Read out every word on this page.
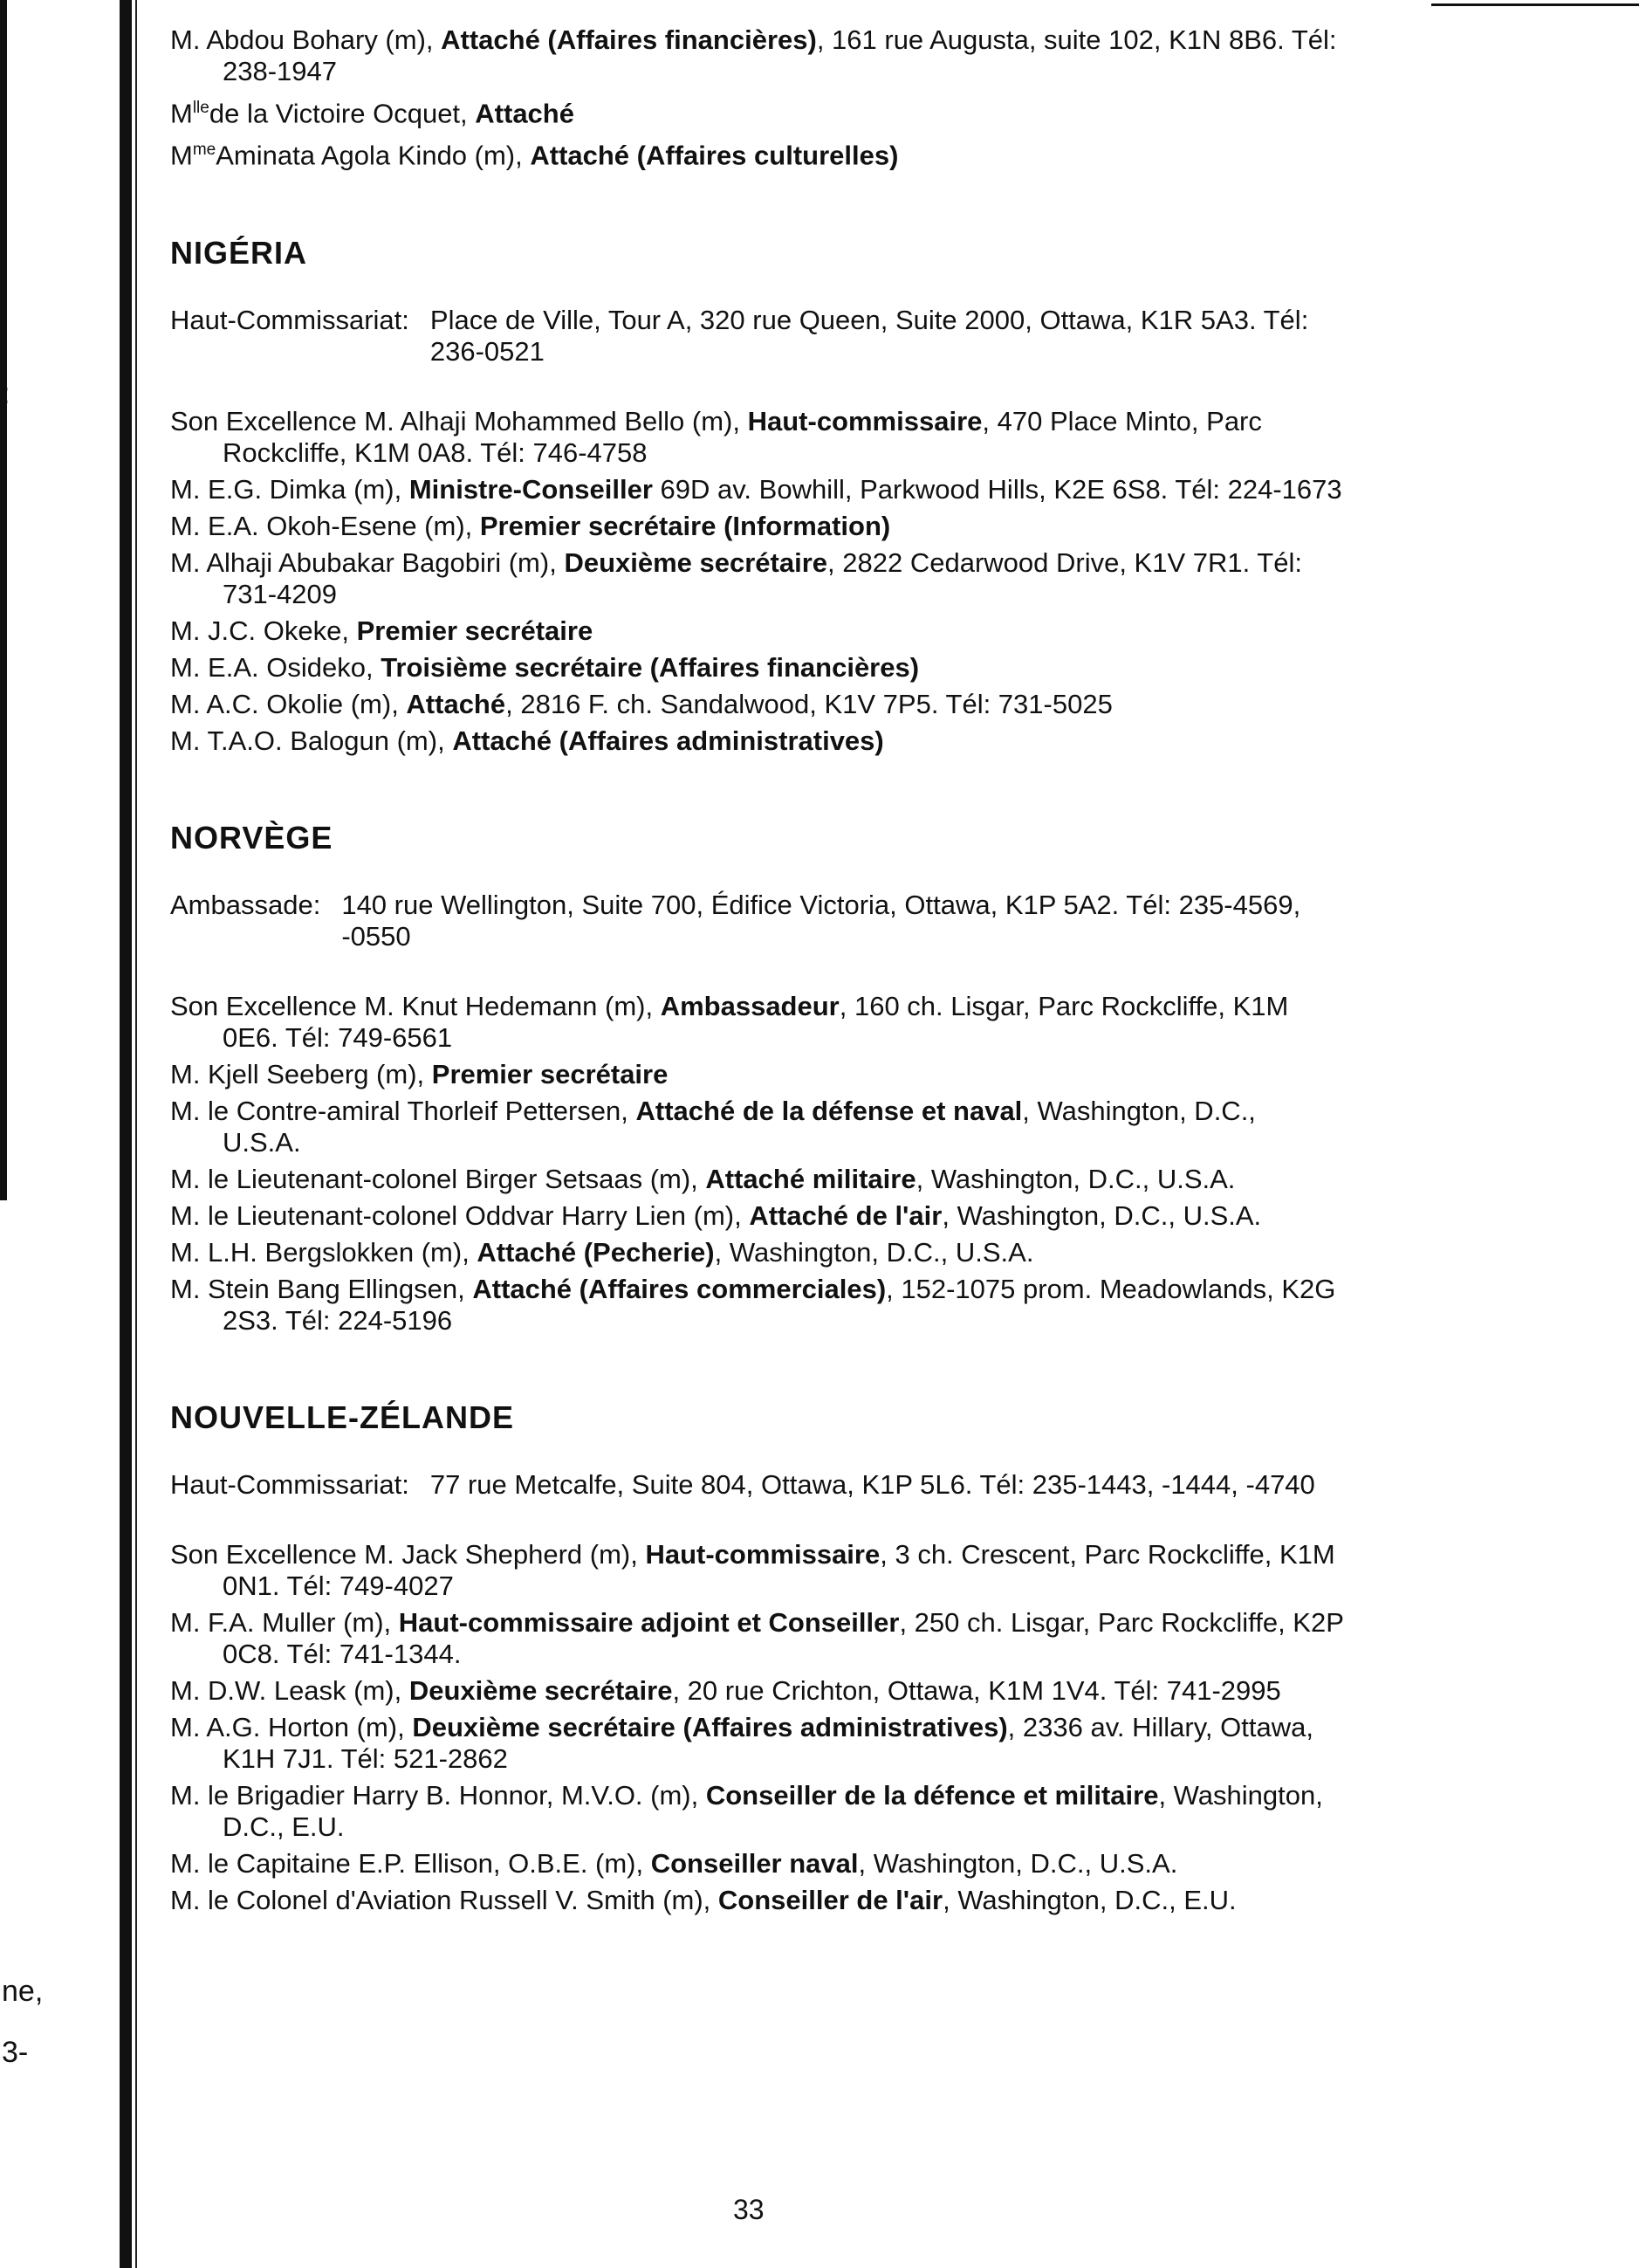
:
ne,
3-
M. Abdou Bohary (m), Attaché (Affaires financières), 161 rue Augusta, suite 102, K1N 8B6. Tél:
238-1947
$M^{lle}de$ la Victoire Ocquet, Attaché
$M^{me}Aminata$ Agola Kindo (m), Attaché (Affaires culturelles)
NIGÉRIA
Haut-Commissariat: Place de Ville, Tour A, 320 rue Queen, Suite 2000, Ottawa, K1R 5A3. Tél:
236-0521
Son Excellence M. Alhaji Mohammed Bello (m), Haut-commissaire, 470 Place Minto, Parc
Rockcliffe, K1M 0A8. Tél: 746-4758
M. E.G. Dimka (m), Ministre-Conseiller 69D av. Bowhill, Parkwood Hills, K2E 6S8. Tél: 224-1673
M. E.A. Okoh-Esene (m), Premier secrétaire (Information)
M. Alhaji Abubakar Bagobiri (m), Deuxième secrétaire, 2822 Cedarwood Drive, K1V 7R1. Tél:
731-4209
M. J.C. Okeke, Premier secrétaire
M. E.A. Osideko, Troisième secrétaire (Affaires financières)
M. A.C. Okolie (m), Attaché, 2816 F. ch. Sandalwood, K1V 7P5. Tél: 731-5025
M. T.A.O. Balogun (m), Attaché (Affaires administratives)
NORVÈGE
Ambassade: 140 rue Wellington, Suite 700, Édifice Victoria, Ottawa, K1P 5A2. Tél: 235-4569,
-0550
Son Excellence M. Knut Hedemann (m), Ambassadeur, 160 ch. Lisgar, Parc Rockcliffe, K1M
0E6. Tél: 749-6561
M. Kjell Seeberg (m), Premier secrétaire
M. le Contre-amiral Thorleif Pettersen, Attaché de la défense et naval, Washington, D.C.,
U.S.A.
M. le Lieutenant-colonel Birger Setsaas (m), Attaché militaire, Washington, D.C., U.S.A.
M. le Lieutenant-colonel Oddvar Harry Lien (m), Attaché de l'air, Washington, D.C., U.S.A.
M. L.H. Bergslokken (m), Attaché (Pecherie), Washington, D.C., U.S.A.
M. Stein Bang Ellingsen, Attaché (Affaires commerciales), 152-1075 prom. Meadowlands, K2G
2S3. Tél: 224-5196
NOUVELLE-ZÉLANDE
Haut-Commissariat: 77 rue Metcalfe, Suite 804, Ottawa, K1P 5L6. Tél: 235-1443, -1444, -4740
Son Excellence M. Jack Shepherd (m), Haut-commissaire, 3 ch. Crescent, Parc Rockcliffe, K1M
0N1. Tél: 749-4027
M. F.A. Muller (m), Haut-commissaire adjoint et Conseiller, 250 ch. Lisgar, Parc Rockcliffe, K2P
0C8. Tél: 741-1344.
M. D.W. Leask (m), Deuxième secrétaire, 20 rue Crichton, Ottawa, K1M 1V4. Tél: 741-2995
M. A.G. Horton (m), Deuxième secrétaire (Affaires administratives), 2336 av. Hillary, Ottawa,
K1H 7J1. Tél: 521-2862
M. le Brigadier Harry B. Honnor, M.V.O. (m), Conseiller de la défence et militaire, Washington,
D.C., E.U.
M. le Capitaine E.P. Ellison, O.B.E. (m), Conseiller naval, Washington, D.C., U.S.A.
M. le Colonel d'Aviation Russell V. Smith (m), Conseiller de l'air, Washington, D.C., E.U.
33
